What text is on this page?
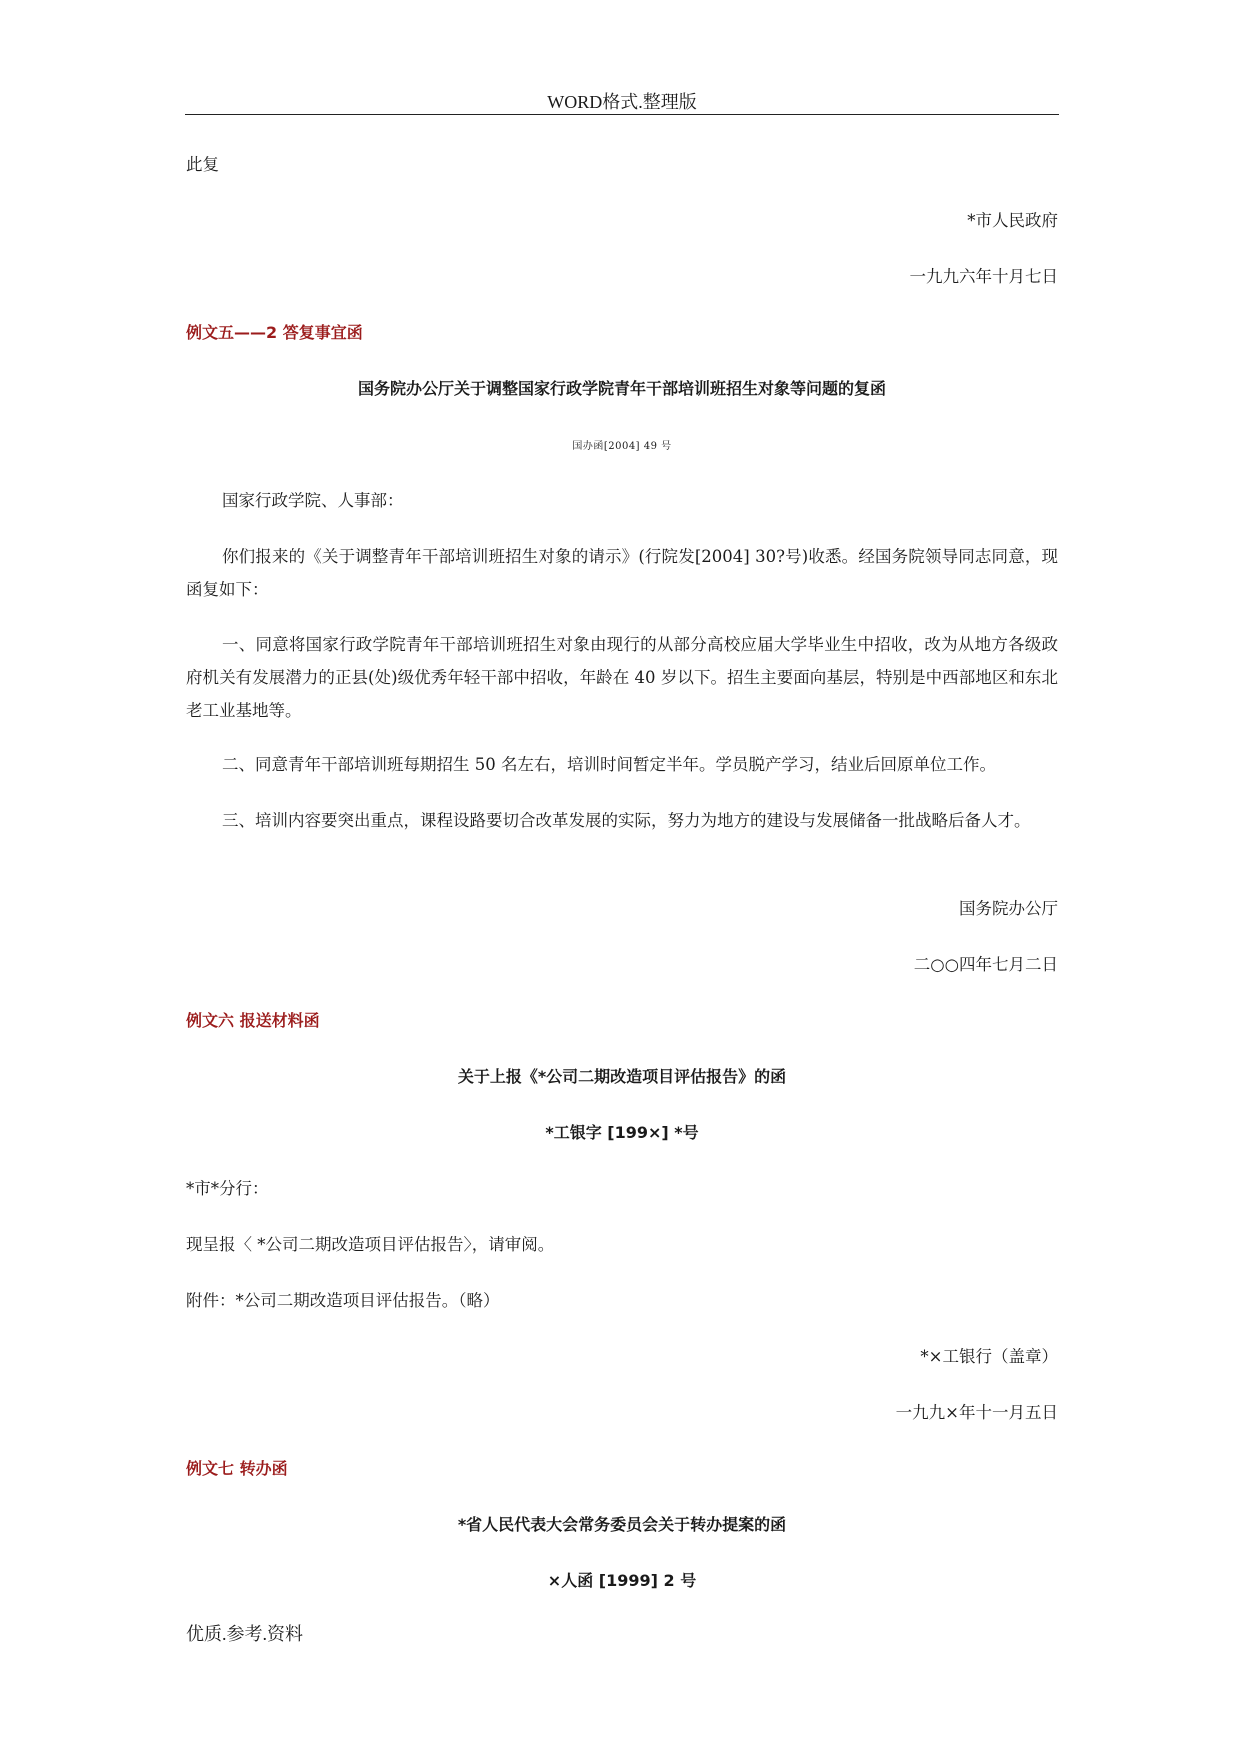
WORD格式.整理版
此复
*市人民政府
一九九六年十月七日
例文五——2 答复事宜函
国务院办公厅关于调整国家行政学院青年干部培训班招生对象等问题的复函
国办函[2004] 49 号
国家行政学院、人事部：
你们报来的《关于调整青年干部培训班招生对象的请示》(行院发[2004] 30?号)收悉。经国务院领导同志同意，现函复如下：
一、同意将国家行政学院青年干部培训班招生对象由现行的从部分高校应届大学毕业生中招收，改为从地方各级政府机关有发展潜力的正县(处)级优秀年轻干部中招收，年龄在 40 岁以下。招生主要面向基层，特别是中西部地区和东北老工业基地等。
二、同意青年干部培训班每期招生 50 名左右，培训时间暂定半年。学员脱产学习，结业后回原单位工作。
三、培训内容要突出重点，课程设路要切合改革发展的实际，努力为地方的建设与发展储备一批战略后备人才。
国务院办公厅
二○○四年七月二日
例文六 报送材料函
关于上报《*公司二期改造项目评估报告》的函
*工银字 [199×] *号
*市*分行：
现呈报〈 *公司二期改造项目评估报告〉，请审阅。
附件：*公司二期改造项目评估报告。（略）
*×工银行（盖章）
一九九×年十一月五日
例文七 转办函
*省人民代表大会常务委员会关于转办提案的函
×人函 [1999] 2 号
优质.参考.资料
